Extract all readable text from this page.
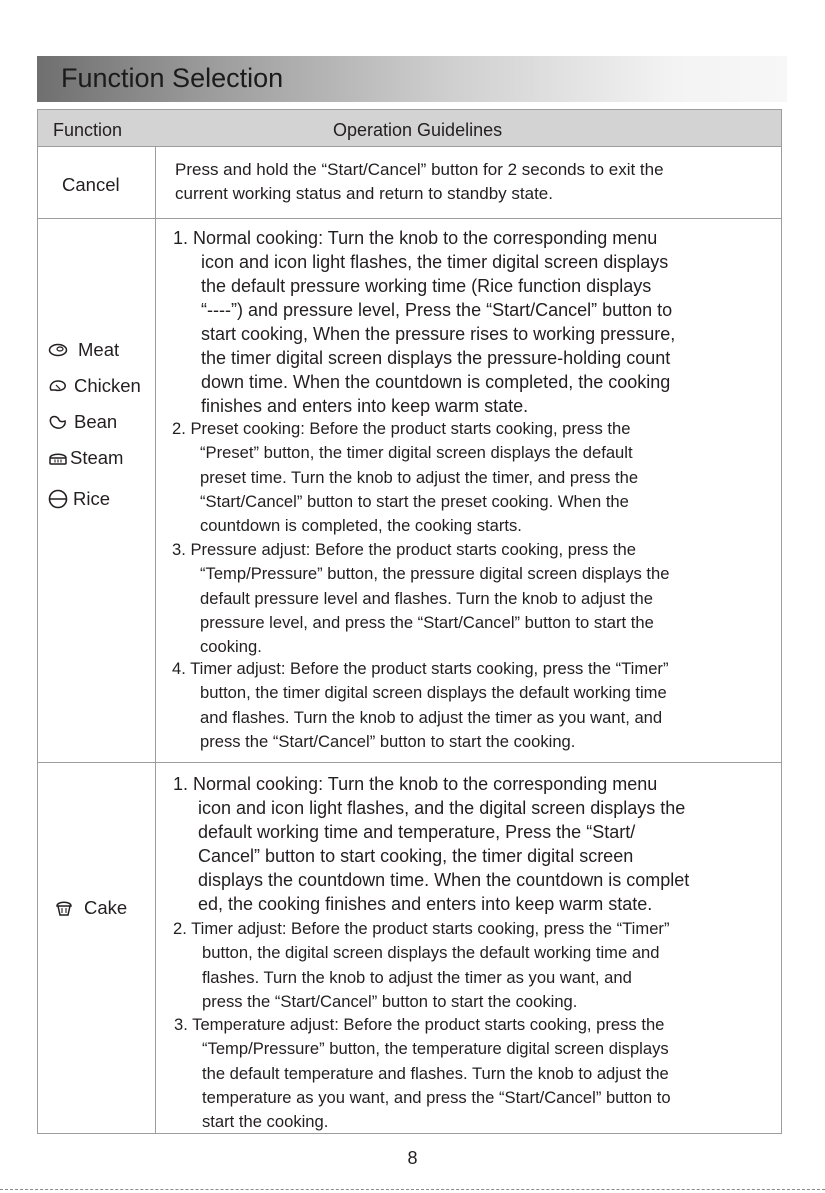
Function Selection
Function	Operation Guidelines
Cancel
Press and hold the “Start/Cancel” button for 2 seconds to exit the
current working status and return to standby state.
Meat
Chicken
Bean
Steam
Rice
1. Normal cooking: Turn the knob to the corresponding menu
icon and icon light flashes, the timer digital screen displays
the default pressure working time (Rice function displays
“----”) and pressure level, Press the “Start/Cancel” button to
start cooking, When the pressure rises to working pressure,
the timer digital screen displays the pressure-holding count
down time. When the countdown is completed, the cooking
finishes and enters into keep warm state.
2. Preset cooking: Before the product starts cooking, press the
“Preset” button, the timer digital screen displays the default
preset time. Turn the knob to adjust the timer, and press the
“Start/Cancel” button to start the preset cooking. When the
countdown is completed, the cooking starts.
3. Pressure adjust: Before the product starts cooking, press the
“Temp/Pressure” button, the pressure digital screen displays the
default pressure level and flashes. Turn the knob to adjust the
pressure level, and press the “Start/Cancel” button to start the
cooking.
4. Timer adjust: Before the product starts cooking, press the “Timer”
button, the timer digital screen displays the default working time
and flashes. Turn the knob to adjust the timer as you want, and
press the “Start/Cancel” button to start the cooking.
Cake
1. Normal cooking: Turn the knob to the corresponding menu
icon and icon light flashes, and the digital screen displays the
default working time and temperature, Press the “Start/
Cancel” button to start cooking, the timer digital screen
displays the countdown time. When the countdown is complet
ed, the cooking finishes and enters into keep warm state.
2. Timer adjust: Before the product starts cooking, press the “Timer”
button, the digital screen displays the default working time and
flashes. Turn the knob to adjust the timer as you want, and
press the “Start/Cancel” button to start the cooking.
3. Temperature adjust: Before the product starts cooking, press the
“Temp/Pressure” button, the temperature digital screen displays
the default temperature and flashes. Turn the knob to adjust the
temperature as you want, and press the “Start/Cancel” button to
start the cooking.
8
